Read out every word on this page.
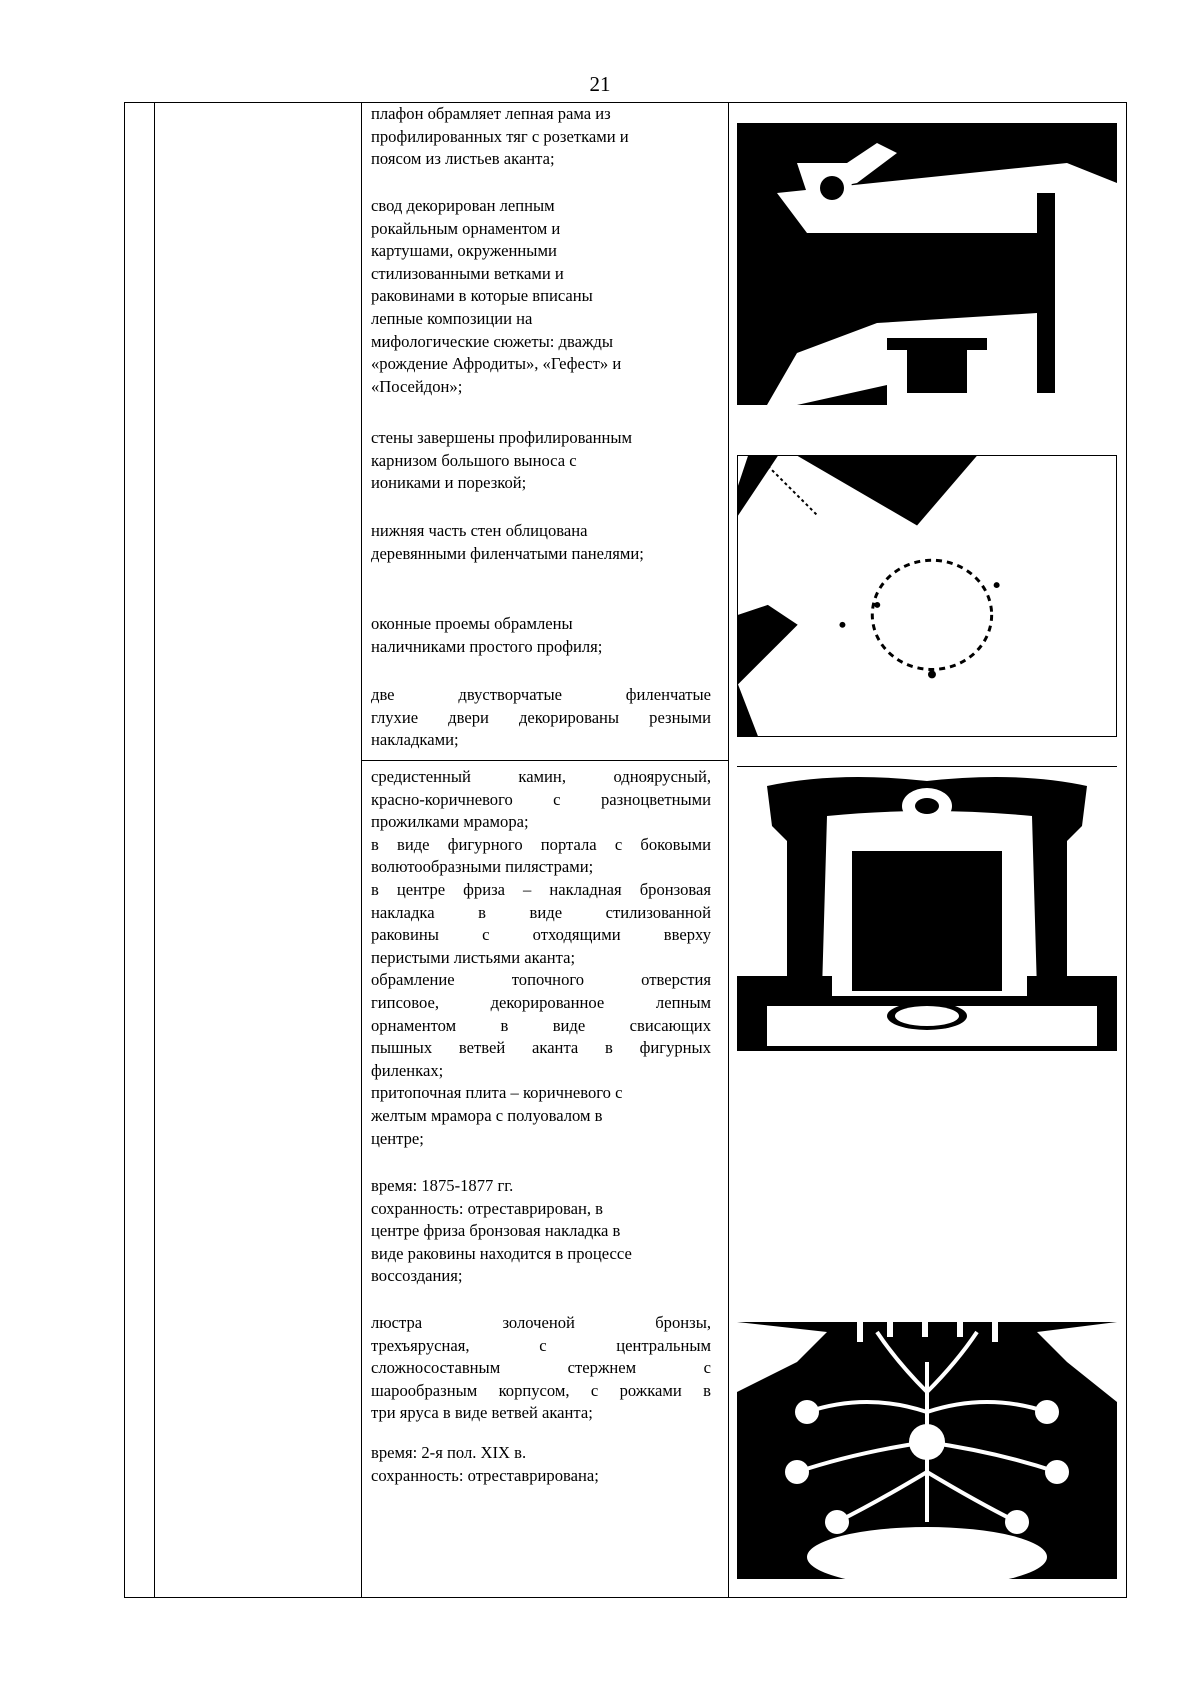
21

плафон обрамляет лепная рама из

профилированных тяг с розетками и

поясом из листьев аканта;

свод декорирован лепным

рокайльным орнаментом и

картушами, окруженными

стилизованными ветками и

раковинами в которые вписаны

лепные композиции на

мифологические сюжеты: дважды

«рождение Афродиты», «Гефест» и

«Посейдон»;

стены завершены профилированным

карнизом большого выноса с

иониками и порезкой;

нижняя часть стен облицована

деревянными филенчатыми панелями;

оконные проемы обрамлены

наличниками простого профиля;

две двустворчатые филенчатые

глухие двери декорированы резными

накладками;

средистенный камин, одноярусный,

красно-коричневого с разноцветными

прожилками мрамора;

в виде фигурного портала с боковыми

волютообразными пилястрами;

в центре фриза – накладная бронзовая

накладка в виде стилизованной

раковины с отходящими вверху

перистыми листьями аканта;

обрамление топочного отверстия

гипсовое, декорированное лепным

орнаментом в виде свисающих

пышных ветвей аканта в фигурных

филенках;

притопочная плита – коричневого с

желтым мрамора с полуовалом в

центре;

время: 1875-1877 гг.

сохранность: отреставрирован, в

центре фриза бронзовая накладка в

виде раковины находится в процессе

воссоздания;

люстра золоченой бронзы,

трехъярусная, с центральным

сложносоставным стержнем с

шарообразным корпусом, с рожками в

три яруса в виде ветвей аканта;

время: 2-я пол. XIX в.

сохранность: отреставрирована;
